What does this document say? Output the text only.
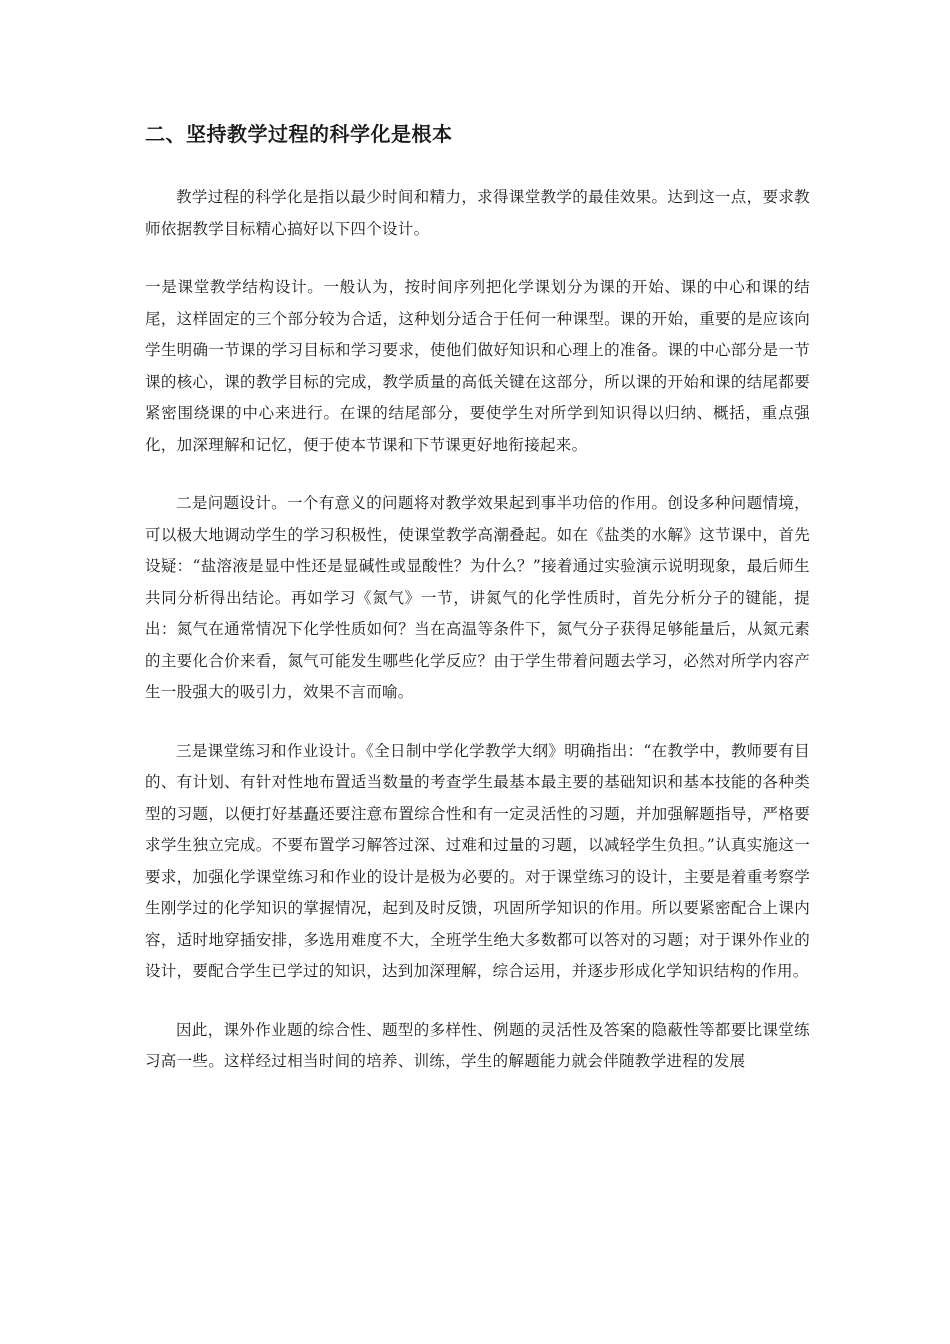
二、坚持教学过程的科学化是根本

教学过程的科学化是指以最少时间和精力，求得课堂教学的最佳效果。达到这一点，要求教师依据教学目标精心搞好以下四个设计。

一是课堂教学结构设计。一般认为，按时间序列把化学课划分为课的开始、课的中心和课的结尾，这样固定的三个部分较为合适，这种划分适合于任何一种课型。课的开始，重要的是应该向学生明确一节课的学习目标和学习要求，使他们做好知识和心理上的准备。课的中心部分是一节课的核心，课的教学目标的完成，教学质量的高低关键在这部分，所以课的开始和课的结尾都要紧密围绕课的中心来进行。在课的结尾部分，要使学生对所学到知识得以归纳、概括，重点强化，加深理解和记忆，便于使本节课和下节课更好地衔接起来。

二是问题设计。一个有意义的问题将对教学效果起到事半功倍的作用。创设多种问题情境，可以极大地调动学生的学习积极性，使课堂教学高潮叠起。如在《盐类的水解》这节课中，首先设疑：“盐溶液是显中性还是显碱性或显酸性？为什么？”接着通过实验演示说明现象，最后师生共同分析得出结论。再如学习《氮气》一节，讲氮气的化学性质时，首先分析分子的键能，提出：氮气在通常情况下化学性质如何？当在高温等条件下，氮气分子获得足够能量后，从氮元素的主要化合价来看，氮气可能发生哪些化学反应？由于学生带着问题去学习，必然对所学内容产生一股强大的吸引力，效果不言而喻。

三是课堂练习和作业设计。《全日制中学化学教学大纲》明确指出：“在教学中，教师要有目的、有计划、有针对性地布置适当数量的考查学生最基本最主要的基础知识和基本技能的各种类型的习题，以便打好基矗还要注意布置综合性和有一定灵活性的习题，并加强解题指导，严格要求学生独立完成。不要布置学习解答过深、过难和过量的习题，以减轻学生负担。”认真实施这一要求，加强化学课堂练习和作业的设计是极为必要的。对于课堂练习的设计，主要是着重考察学生刚学过的化学知识的掌握情况，起到及时反馈，巩固所学知识的作用。所以要紧密配合上课内容，适时地穿插安排，多选用难度不大，全班学生绝大多数都可以答对的习题；对于课外作业的设计，要配合学生已学过的知识，达到加深理解，综合运用，并逐步形成化学知识结构的作用。

因此，课外作业题的综合性、题型的多样性、例题的灵活性及答案的隐蔽性等都要比课堂练习高一些。这样经过相当时间的培养、训练，学生的解题能力就会伴随教学进程的发展
